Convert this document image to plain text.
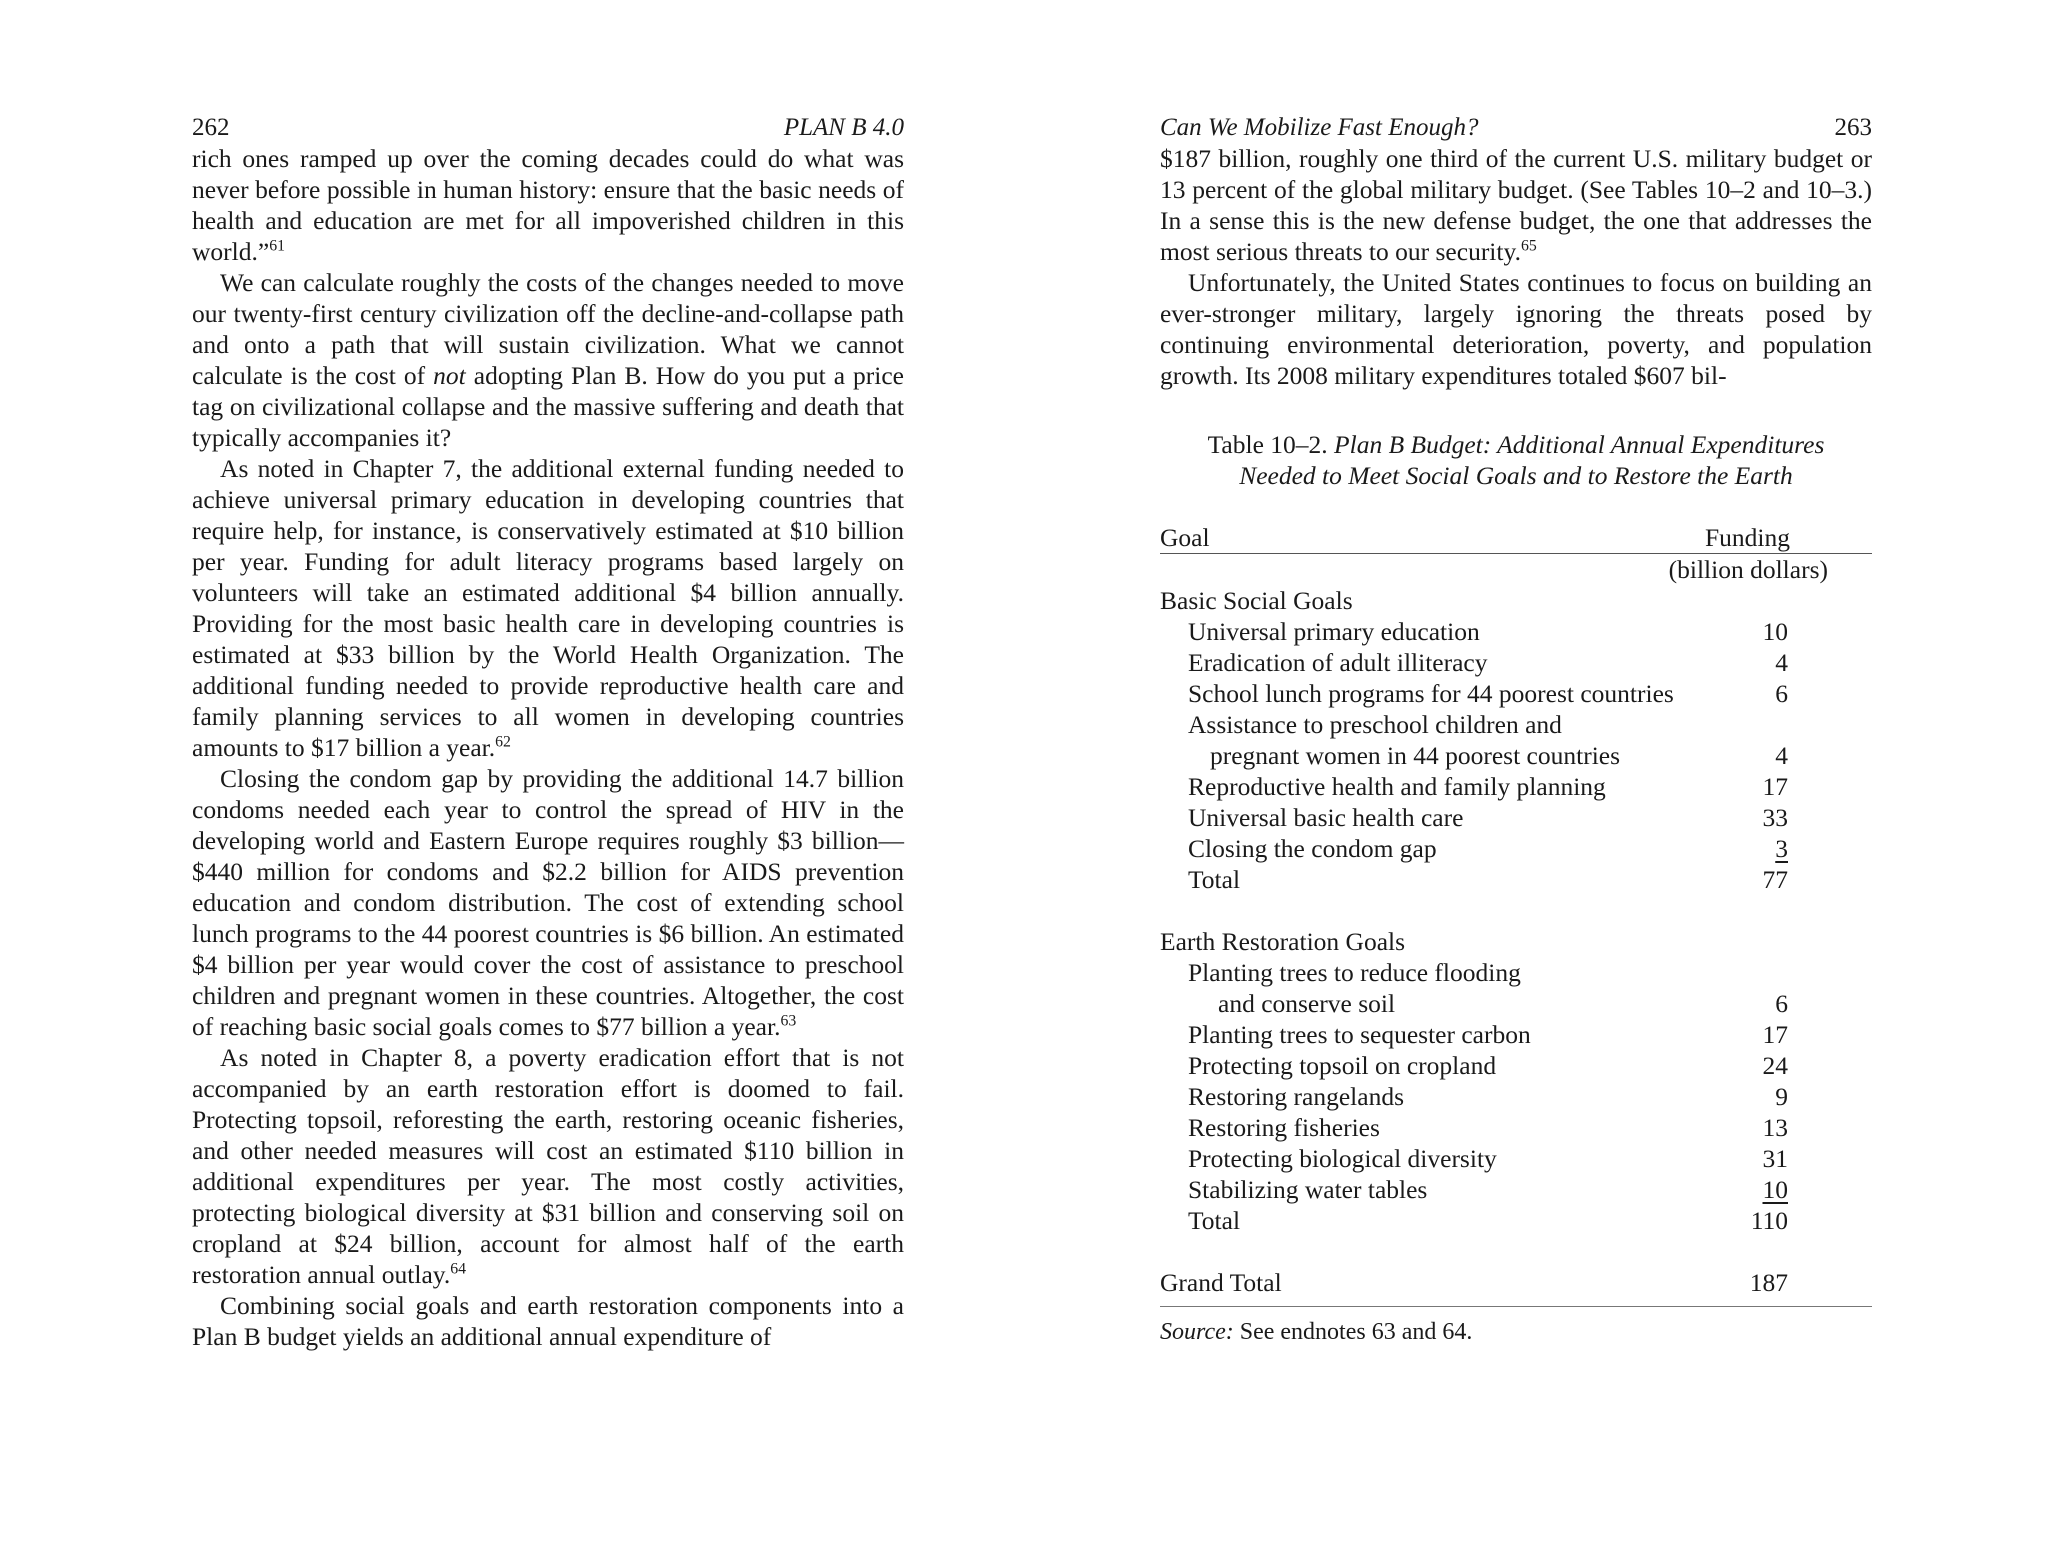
262	PLAN B 4.0

rich ones ramped up over the coming decades could do what was never before possible in human history: ensure that the basic needs of health and education are met for all impoverished children in this world.”$^{61}$

We can calculate roughly the costs of the changes needed to move our twenty-first century civilization off the decline-and-collapse path and onto a path that will sustain civilization. What we cannot calculate is the cost of not adopting Plan B. How do you put a price tag on civilizational collapse and the massive suffering and death that typically accompanies it?

As noted in Chapter 7, the additional external funding needed to achieve universal primary education in developing countries that require help, for instance, is conservatively estimated at $10 billion per year. Funding for adult literacy programs based largely on volunteers will take an estimated additional $4 billion annually. Providing for the most basic health care in developing countries is estimated at $33 billion by the World Health Organization. The additional funding needed to provide reproductive health care and family planning services to all women in developing countries amounts to $17 billion a year.$^{62}$

Closing the condom gap by providing the additional 14.7 billion condoms needed each year to control the spread of HIV in the developing world and Eastern Europe requires roughly $3 billion—$440 million for condoms and $2.2 billion for AIDS prevention education and condom distribution. The cost of extending school lunch programs to the 44 poorest countries is $6 billion. An estimated $4 billion per year would cover the cost of assistance to preschool children and pregnant women in these countries. Altogether, the cost of reaching basic social goals comes to $77 billion a year.$^{63}$

As noted in Chapter 8, a poverty eradication effort that is not accompanied by an earth restoration effort is doomed to fail. Protecting topsoil, reforesting the earth, restoring oceanic fisheries, and other needed measures will cost an estimated $110 billion in additional expenditures per year. The most costly activities, protecting biological diversity at $31 billion and conserving soil on cropland at $24 billion, account for almost half of the earth restoration annual outlay.$^{64}$

Combining social goals and earth restoration components into a Plan B budget yields an additional annual expenditure of

Can We Mobilize Fast Enough?	263

$187 billion, roughly one third of the current U.S. military budget or 13 percent of the global military budget. (See Tables 10–2 and 10–3.) In a sense this is the new defense budget, the one that addresses the most serious threats to our security.$^{65}$

Unfortunately, the United States continues to focus on building an ever-stronger military, largely ignoring the threats posed by continuing environmental deterioration, poverty, and population growth. Its 2008 military expenditures totaled $607 bil-

Table 10–2. Plan B Budget: Additional Annual Expenditures
Needed to Meet Social Goals and to Restore the Earth
Goal	Funding
(billion dollars)
Basic Social Goals
Universal primary education	10
Eradication of adult illiteracy	4
School lunch programs for 44 poorest countries	6
Assistance to preschool children and
pregnant women in 44 poorest countries	4
Reproductive health and family planning	17
Universal basic health care	33
Closing the condom gap	3
Total	77
Earth Restoration Goals
Planting trees to reduce flooding
and conserve soil	6
Planting trees to sequester carbon	17
Protecting topsoil on cropland	24
Restoring rangelands	9
Restoring fisheries	13
Protecting biological diversity	31
Stabilizing water tables	10
Total	110
Grand Total	187
Source: See endnotes 63 and 64.
